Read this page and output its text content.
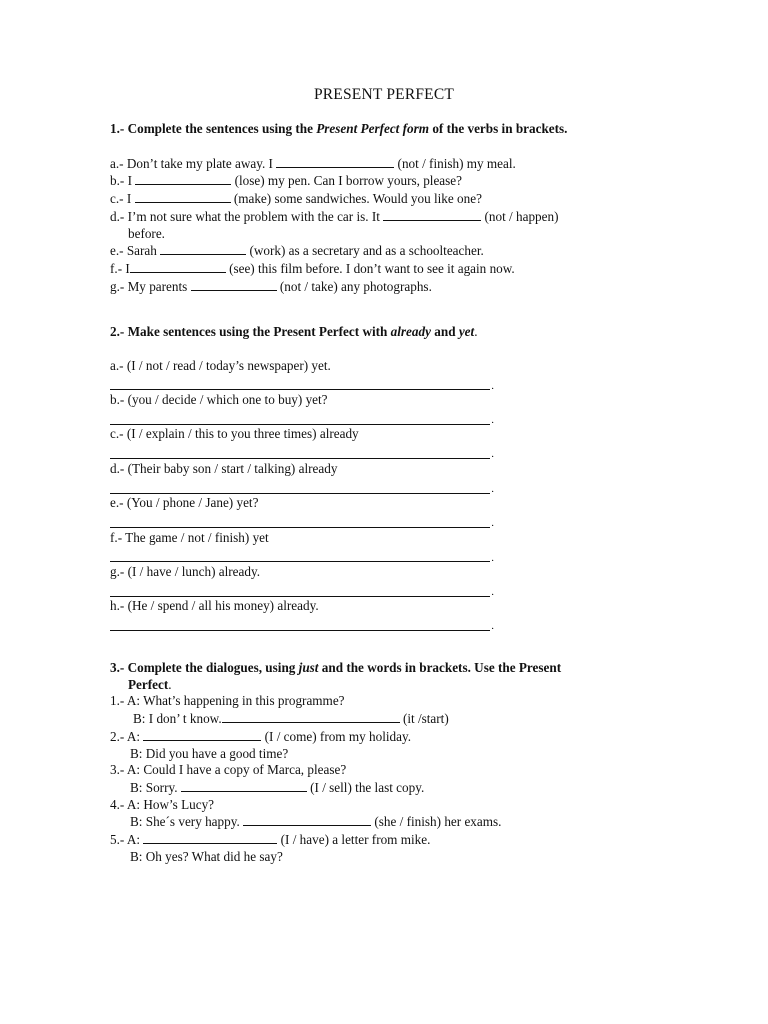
PRESENT PERFECT

1.- Complete the sentences using the Present Perfect form of the verbs in brackets.

a.- Don’t take my plate away. I	(not / finish) my meal.
b.- I	(lose) my pen. Can I borrow yours, please?
c.- I	(make) some sandwiches. Would you like one?
d.- I’m not sure what the problem with the car is. It	(not / happen)
before.
e.- Sarah	(work) as a secretary and as a schoolteacher.
f.- I	(see) this film before. I don’t want to see it again now.
g.- My parents	(not / take) any photographs.

2.- Make sentences using the Present Perfect with already and yet.

a.- (I / not / read / today’s newspaper) yet.
.
b.- (you / decide / which one to buy) yet?
.
c.- (I / explain / this to you three times) already
.
d.- (Their baby son / start / talking) already
.
e.- (You / phone / Jane) yet?
.
f.- The game / not / finish) yet
.
g.- (I / have / lunch) already.
.
h.- (He / spend / all his money) already.
.

3.- Complete the dialogues, using just and the words in brackets. Use the Present

Perfect.

1.- A: What’s happening in this programme?
B: I don’ t know.	(it /start)
2.- A:	(I / come) from my holiday.
B: Did you have a good time?
3.- A: Could I have a copy of Marca, please?
B: Sorry.	(I / sell) the last copy.
4.- A: How’s Lucy?
B: She´s very happy.	(she / finish) her exams.
5.- A:	(I / have) a letter from mike.
B: Oh yes? What did he say?
